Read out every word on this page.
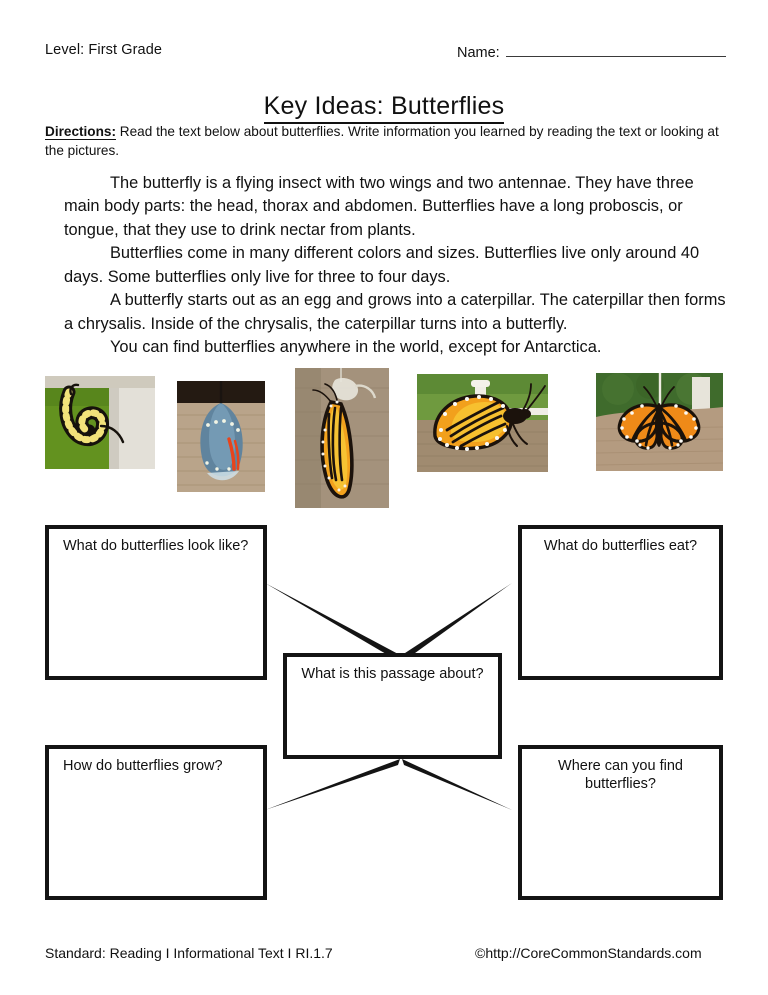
Level: First Grade	Name:
Key Ideas: Butterflies
Directions: Read the text below about butterflies. Write information you learned by reading the text or looking at the pictures.

The butterfly is a flying insect with two wings and two antennae. They have three main body parts: the head, thorax and abdomen. Butterflies have a long proboscis, or tongue, that they use to drink nectar from plants.

Butterflies come in many different colors and sizes. Butterflies live only around 40 days. Some butterflies only live for three to four days.

A butterfly starts out as an egg and grows into a caterpillar. The caterpillar then forms a chrysalis. Inside of the chrysalis, the caterpillar turns into a butterfly.

You can find butterflies anywhere in the world, except for Antarctica.

What do butterflies look like?	What do butterflies eat?
What is this passage about?
How do butterflies grow?	Where can you find butterflies?
Standard: Reading I Informational Text I RI.1.7	©http://CoreCommonStandards.com
